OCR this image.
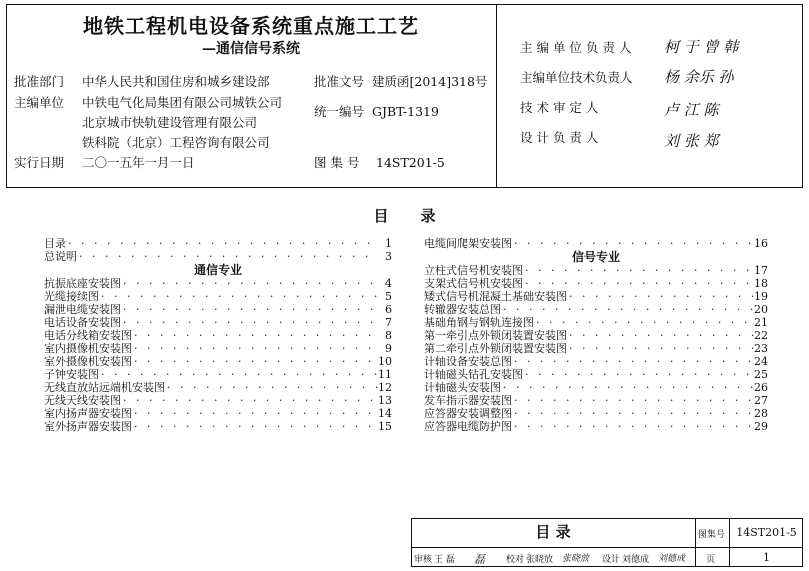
地铁工程机电设备系统重点施工工艺
—通信信号系统
批准部门 中华人民共和国住房和城乡建设部
主编单位 中铁电气化局集团有限公司城铁公司
北京城市快轨建设管理有限公司
铁科院（北京）工程咨询有限公司
实行日期 二〇一五年一月一日
批准文号 建质函[2014]318号
统一编号 GJBT-1319
图 集 号 14ST201-5
主 编 单 位 负 责 人 柯 于 曾 韩
主编单位技术负责人 杨 余乐 孙
技 术 审 定 人	卢 江 陈
设 计 负 责 人	刘 张 郑
目 录
目录 · · ·	1
总说明 · · ·	3
通信专业
抗振底座安装图 · · ·	4
光缆接续图 · · ·	5
漏泄电缆安装图 · · ·	6
电话设备安装图 · · ·	7
电话分线箱安装图 · · ·	8
室内摄像机安装图 · · ·	9
室外摄像机安装图 · · ·	10
子钟安装图 · · ·	11
无线直放站远端机安装图 · · ·	12
无线天线安装图 · · ·	13
室内扬声器安装图 · · ·	14
室外扬声器安装图 · · ·	15
电缆间爬架安装图 · · ·	16
信号专业
立柱式信号机安装图 · · ·	17
支架式信号机安装图 · · ·	18
矮式信号机混凝土基础安装图 · · ·	19
转辙器安装总图 · · ·	20
基础角钢与钢轨连接图 · · ·	21
第一牵引点外锁闭装置安装图 · · ·	22
第二牵引点外锁闭装置安装图 · · ·	23
计轴设备安装总图 · · ·	24
计轴磁头钻孔安装图 · · ·	25
计轴磁头安装图 · · ·	26
发车指示器安装图 · · ·	27
应答器安装调整图 · · ·	28
应答器电缆防护图 · · ·	29
目 录	图集号	14ST201-5
页	1
审核 王 磊 磊 校对 张晓放 张晓放 设计 刘德成 刘德成
